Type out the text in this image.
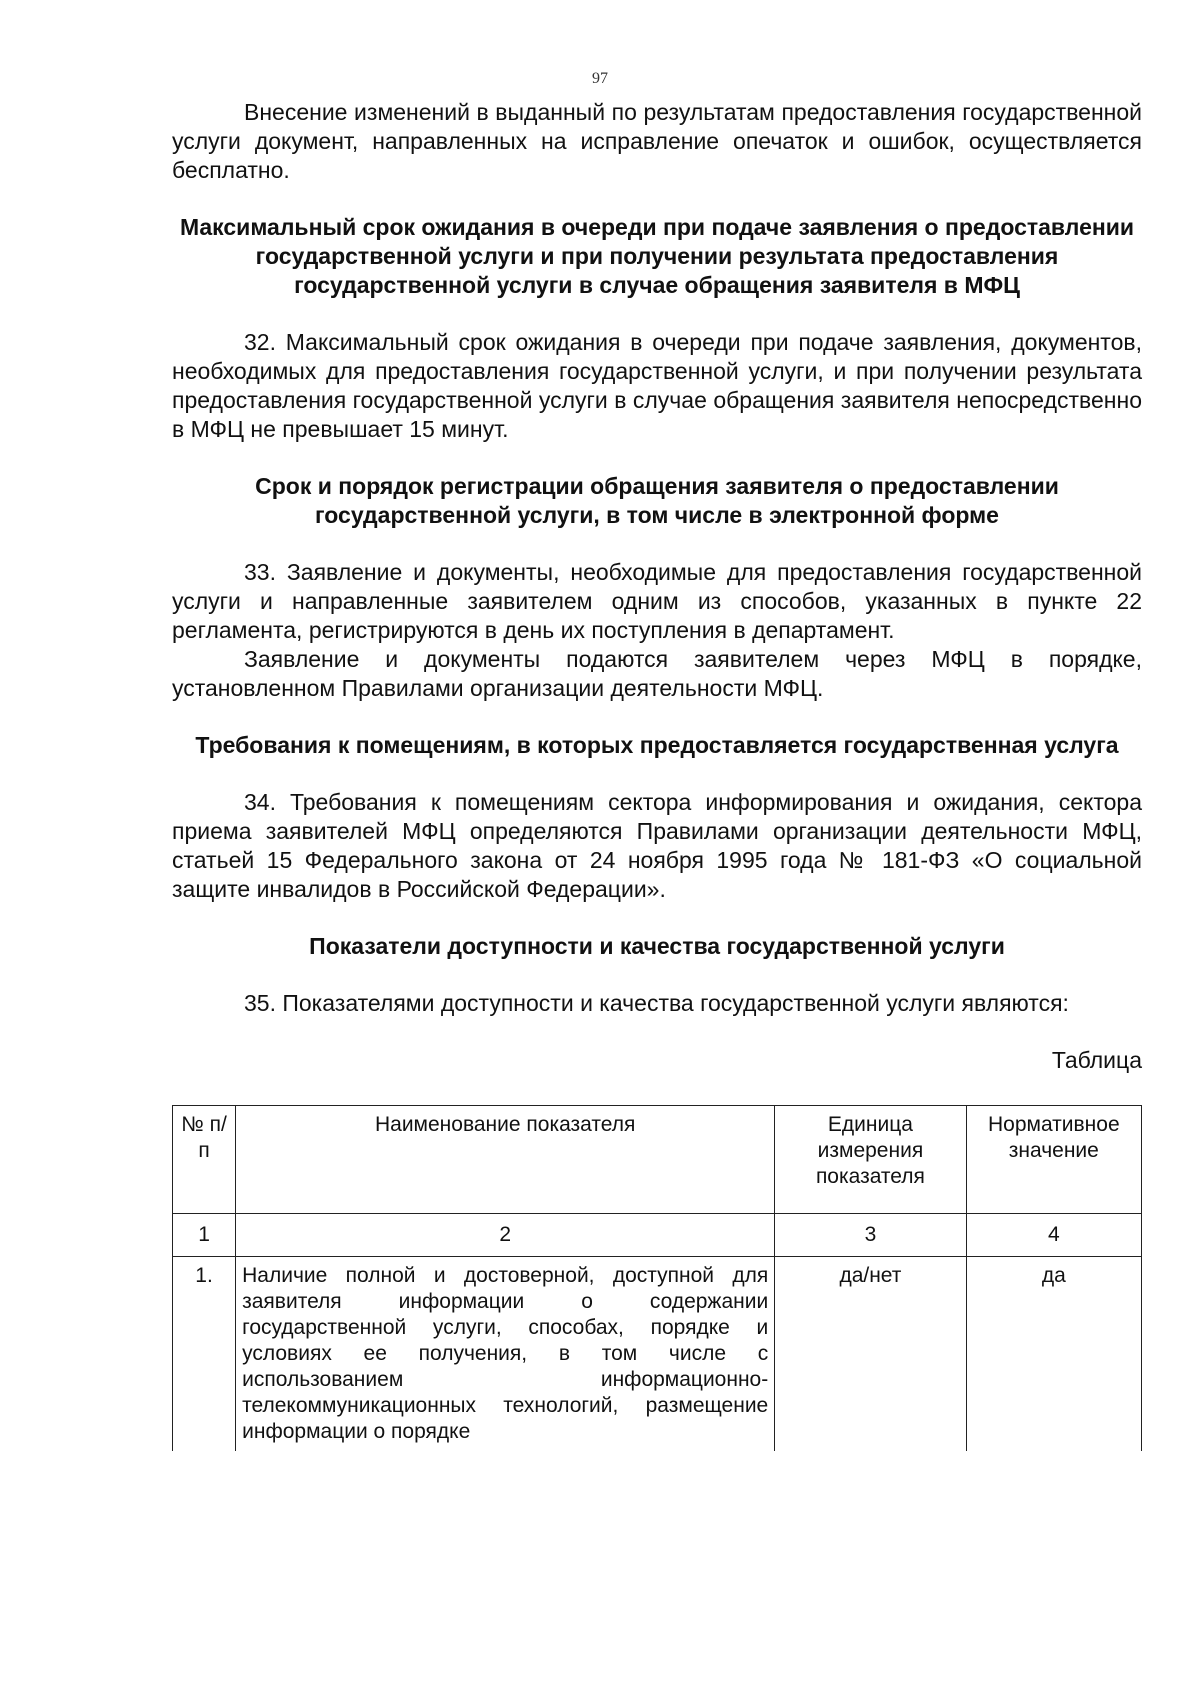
97

Внесение изменений в выданный по результатам предоставления государственной услуги документ, направленных на исправление опечаток и ошибок, осуществляется бесплатно.

Максимальный срок ожидания в очереди при подаче заявления о предоставлении государственной услуги и при получении результата предоставления государственной услуги в случае обращения заявителя в МФЦ

32. Максимальный срок ожидания в очереди при подаче заявления, документов, необходимых для предоставления государственной услуги, и при получении результата предоставления государственной услуги в случае обращения заявителя непосредственно в МФЦ не превышает 15 минут.

Срок и порядок регистрации обращения заявителя о предоставлении государственной услуги, в том числе в электронной форме

33. Заявление и документы, необходимые для предоставления государственной услуги и направленные заявителем одним из способов, указанных в пункте 22 регламента, регистрируются в день их поступления в департамент.

Заявление и документы подаются заявителем через МФЦ в порядке, установленном Правилами организации деятельности МФЦ.

Требования к помещениям, в которых предоставляется государственная услуга

34. Требования к помещениям сектора информирования и ожидания, сектора приема заявителей МФЦ определяются Правилами организации деятельности МФЦ, статьей 15 Федерального закона от 24 ноября 1995 года № 181-ФЗ «О социальной защите инвалидов в Российской Федерации».

Показатели доступности и качества государственной услуги

35. Показателями доступности и качества государственной услуги являются:

Таблица

№ п/п	Наименование показателя	Единица измерения показателя	Нормативное значение
1	2	3	4
1.	Наличие полной и достоверной, доступной для заявителя информации о содержании государственной услуги, способах, порядке и условиях ее получения, в том числе с использованием информационно-телекоммуникационных технологий, размещение информации о порядке	да/нет	да
